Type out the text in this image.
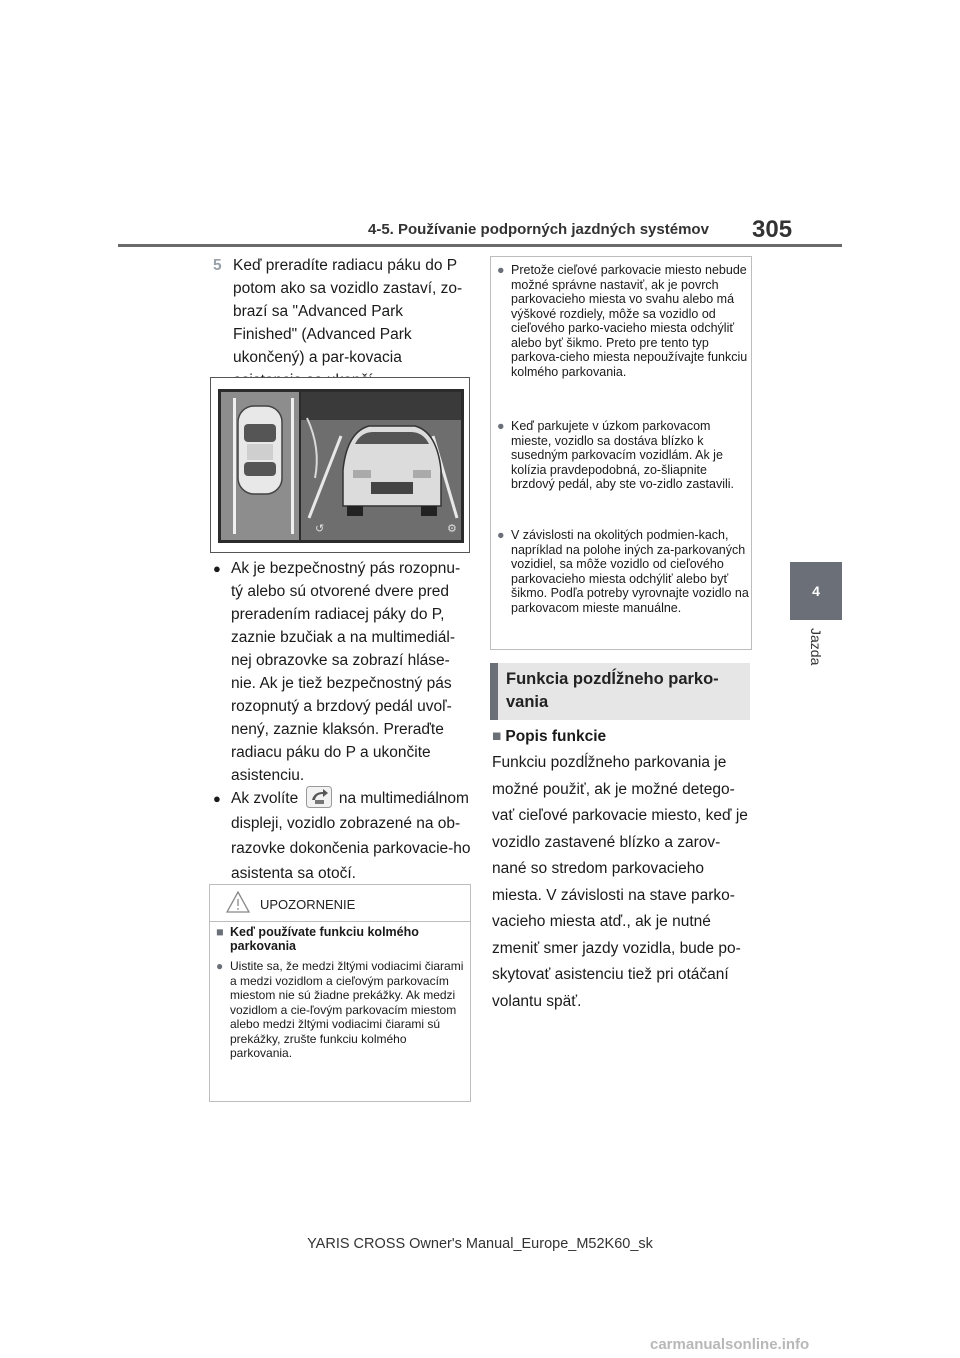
4-5. Používanie podporných jazdných systémov 305
4
Jazda
5 Keď preradíte radiacu páku do P potom ako sa vozidlo zastaví, zo-brazí sa "Advanced Park Finished" (Advanced Park ukončený) a par-kovacia
↺	⚙
● Ak je bezpečnostný pás rozopnu-tý alebo sú otvorené dvere pred preradením radiacej páky do P, zaznie bzučiak a na multimediál-nej obrazovke sa zobrazí hláse-nie. Ak je tiež bezpečnostný pás rozopnutý a brzdový pedál uvoľ-nený, zaznie klaksón. Preraďte radiacu páku do P a ukončite asistenciu.
● Ak zvolíte	na multimediálnom displeji, vozidlo zobrazené na ob-razovke dokončenia parkovacie-ho asistenta sa otočí.
UPOZORNENIE
■ Keď používate funkciu kolmého parkovania
● Uistite sa, že medzi žltými vodiacimi čiarami a medzi vozidlom a cieľovým parkovacím miestom nie sú žiadne prekážky. Ak medzi vozidlom a cie-ľovým parkovacím miestom alebo medzi žltými vodiacimi čiarami sú prekážky, zrušte funkciu kolmého parkovania.
● Pretože cieľové parkovacie miesto nebude možné správne nastaviť, ak je povrch parkovacieho miesta vo svahu alebo má výškové rozdiely, môže sa vozidlo od cieľového parko-vacieho miesta odchýliť alebo byť šikmo. Preto pre tento typ parkova-cieho miesta nepoužívajte funkciu kolmého parkovania.
● Keď parkujete v úzkom parkovacom mieste, vozidlo sa dostáva blízko k susedným parkovacím vozidlám. Ak je kolízia pravdepodobná, zo-šliapnite brzdový pedál, aby ste vo-zidlo zastavili.
● V závislosti na okolitých podmien-kach, napríklad na polohe iných za-parkovaných vozidiel, sa môže vozidlo od cieľového parkovacieho miesta odchýliť alebo byť šikmo. Podľa potreby vyrovnajte vozidlo na parkovacom mieste manuálne.
Funkcia pozdĺžneho parko-vania
■ Popis funkcie
Funkciu pozdĺžneho parkovania je možné použiť, ak je možné detego-vať cieľové parkovacie miesto, keď je vozidlo zastavené blízko a zarov-nané so stredom parkovacieho miesta. V závislosti na stave parko-vacieho miesta atď., ak je nutné zmeniť smer jazdy vozidla, bude po-skytovať asistenciu tiež pri otáčaní volantu späť.
YARIS CROSS Owner's Manual_Europe_M52K60_sk
carmanualsonline.info
